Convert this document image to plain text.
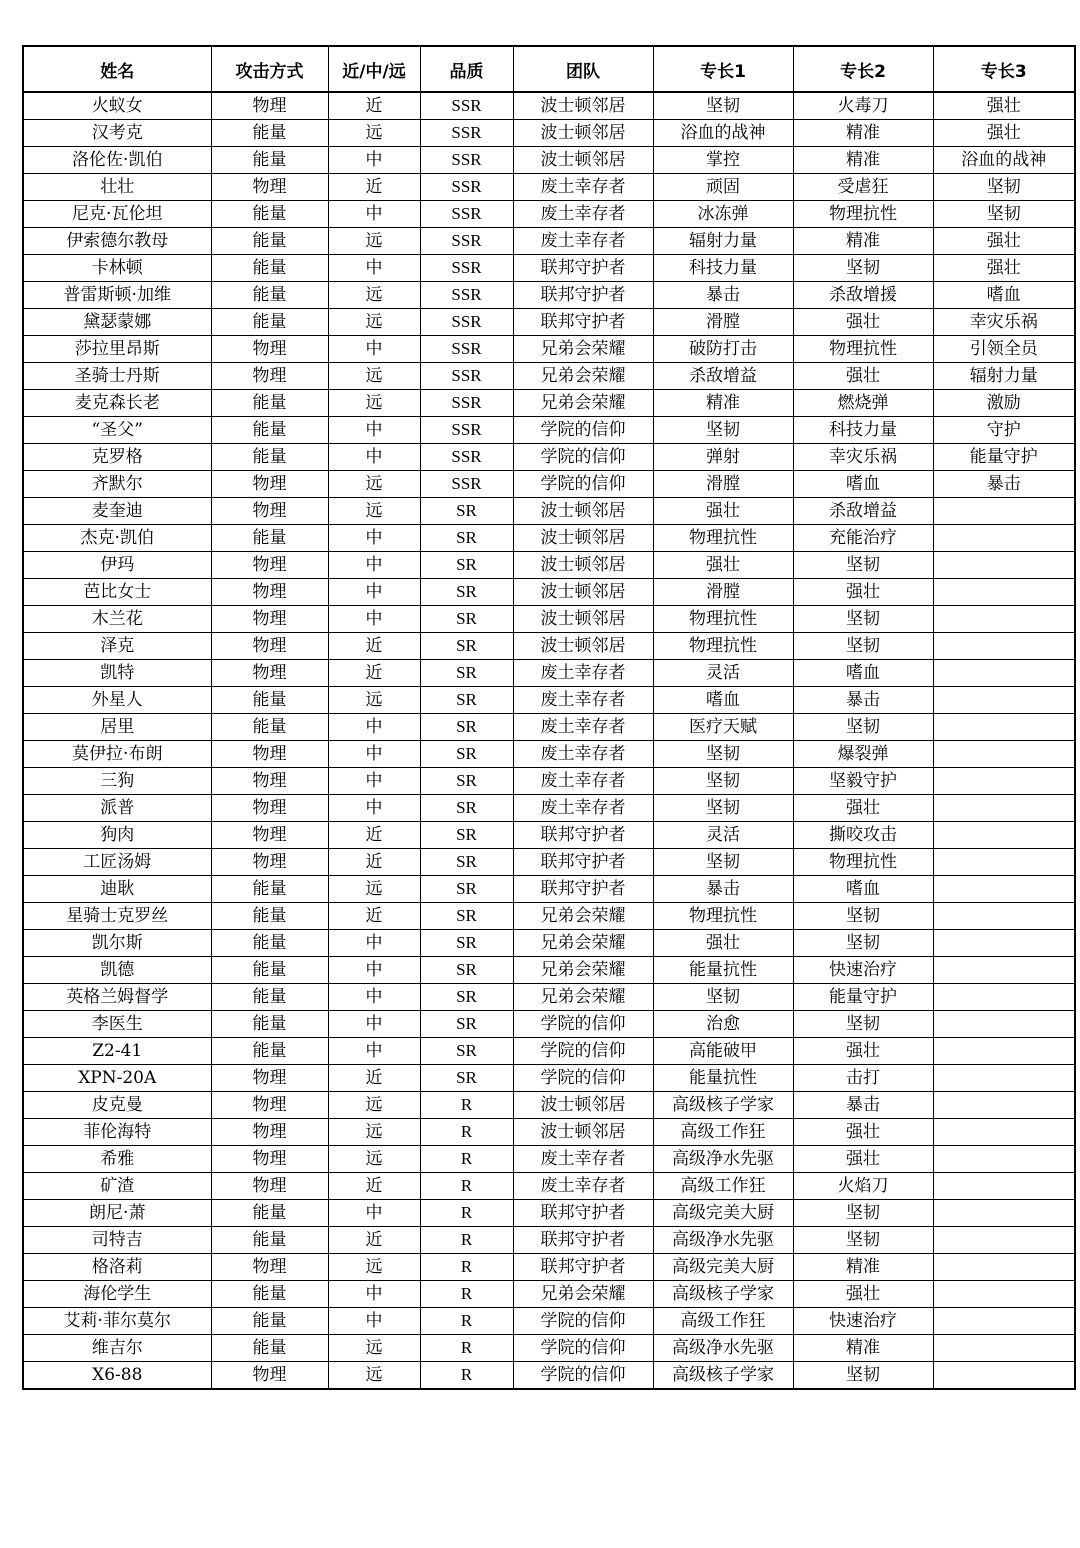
姓名	攻击方式	近/中/远	品质	团队	专长1	专长2	专长3
火蚁女	物理	近	SSR	波士顿邻居	坚韧	火毒刀	强壮
汉考克	能量	远	SSR	波士顿邻居	浴血的战神	精准	强壮
洛伦佐·凯伯	能量	中	SSR	波士顿邻居	掌控	精准	浴血的战神
壮壮	物理	近	SSR	废土幸存者	顽固	受虐狂	坚韧
尼克·瓦伦坦	能量	中	SSR	废土幸存者	冰冻弹	物理抗性	坚韧
伊索德尔教母	能量	远	SSR	废土幸存者	辐射力量	精准	强壮
卡林顿	能量	中	SSR	联邦守护者	科技力量	坚韧	强壮
普雷斯顿·加维	能量	远	SSR	联邦守护者	暴击	杀敌增援	嗜血
黛瑟蒙娜	能量	远	SSR	联邦守护者	滑膛	强壮	幸灾乐祸
莎拉里昂斯	物理	中	SSR	兄弟会荣耀	破防打击	物理抗性	引领全员
圣骑士丹斯	物理	远	SSR	兄弟会荣耀	杀敌增益	强壮	辐射力量
麦克森长老	能量	远	SSR	兄弟会荣耀	精准	燃烧弹	激励
“圣父”	能量	中	SSR	学院的信仰	坚韧	科技力量	守护
克罗格	能量	中	SSR	学院的信仰	弹射	幸灾乐祸	能量守护
齐默尔	物理	远	SSR	学院的信仰	滑膛	嗜血	暴击
麦奎迪	物理	远	SR	波士顿邻居	强壮	杀敌增益	
杰克·凯伯	能量	中	SR	波士顿邻居	物理抗性	充能治疗	
伊玛	物理	中	SR	波士顿邻居	强壮	坚韧	
芭比女士	物理	中	SR	波士顿邻居	滑膛	强壮	
木兰花	物理	中	SR	波士顿邻居	物理抗性	坚韧	
泽克	物理	近	SR	波士顿邻居	物理抗性	坚韧	
凯特	物理	近	SR	废土幸存者	灵活	嗜血	
外星人	能量	远	SR	废土幸存者	嗜血	暴击	
居里	能量	中	SR	废土幸存者	医疗天赋	坚韧	
莫伊拉·布朗	物理	中	SR	废土幸存者	坚韧	爆裂弹	
三狗	物理	中	SR	废土幸存者	坚韧	坚毅守护	
派普	物理	中	SR	废土幸存者	坚韧	强壮	
狗肉	物理	近	SR	联邦守护者	灵活	撕咬攻击	
工匠汤姆	物理	近	SR	联邦守护者	坚韧	物理抗性	
迪耿	能量	远	SR	联邦守护者	暴击	嗜血	
星骑士克罗丝	能量	近	SR	兄弟会荣耀	物理抗性	坚韧	
凯尔斯	能量	中	SR	兄弟会荣耀	强壮	坚韧	
凯德	能量	中	SR	兄弟会荣耀	能量抗性	快速治疗	
英格兰姆督学	能量	中	SR	兄弟会荣耀	坚韧	能量守护	
李医生	能量	中	SR	学院的信仰	治愈	坚韧	
Z2-41	能量	中	SR	学院的信仰	高能破甲	强壮	
XPN-20A	物理	近	SR	学院的信仰	能量抗性	击打	
皮克曼	物理	远	R	波士顿邻居	高级核子学家	暴击	
菲伦海特	物理	远	R	波士顿邻居	高级工作狂	强壮	
希雅	物理	远	R	废土幸存者	高级净水先驱	强壮	
矿渣	物理	近	R	废土幸存者	高级工作狂	火焰刀	
朗尼·萧	能量	中	R	联邦守护者	高级完美大厨	坚韧	
司特吉	能量	近	R	联邦守护者	高级净水先驱	坚韧	
格洛莉	物理	远	R	联邦守护者	高级完美大厨	精准	
海伦学生	能量	中	R	兄弟会荣耀	高级核子学家	强壮	
艾莉·菲尔莫尔	能量	中	R	学院的信仰	高级工作狂	快速治疗	
维吉尔	能量	远	R	学院的信仰	高级净水先驱	精准	
X6-88	物理	远	R	学院的信仰	高级核子学家	坚韧	
